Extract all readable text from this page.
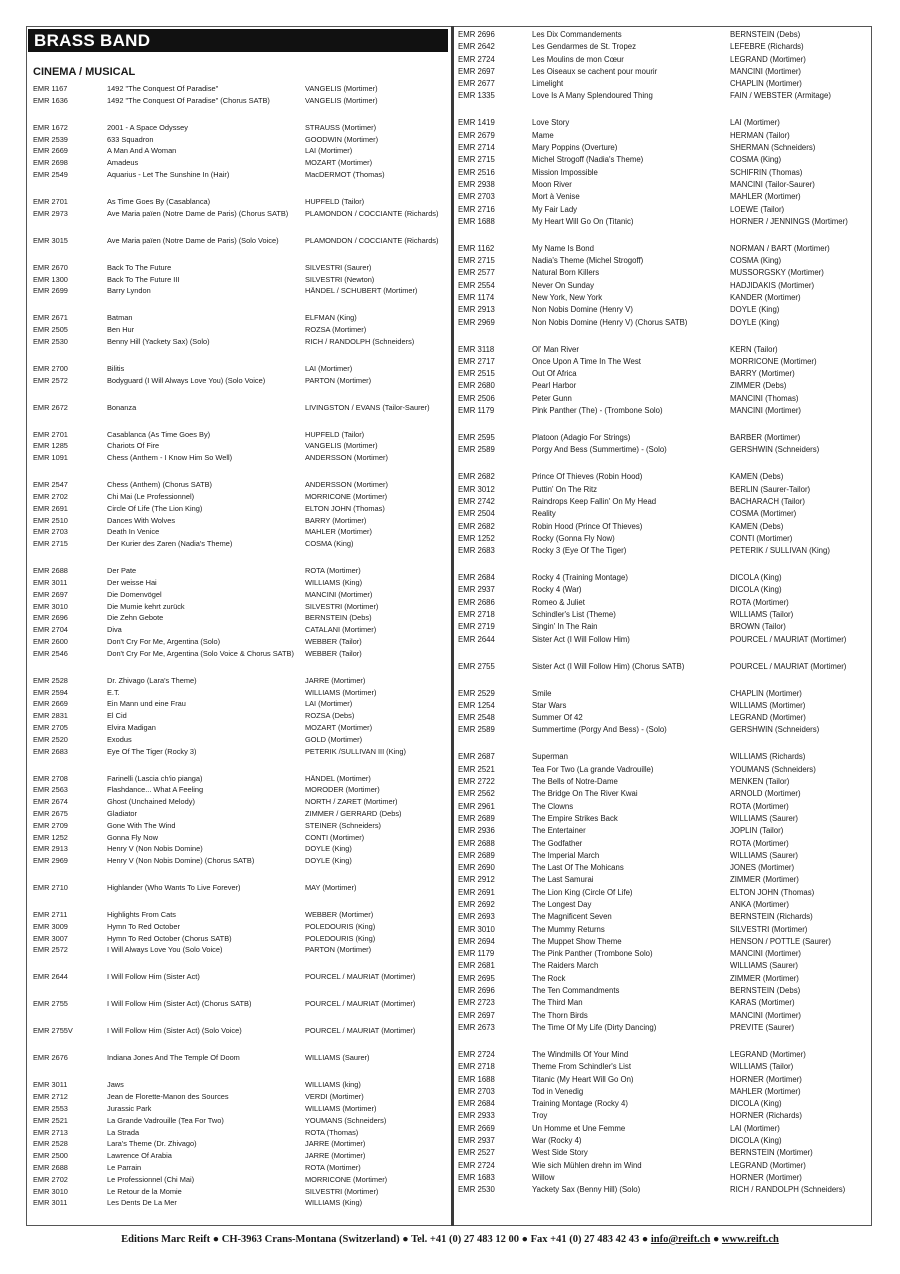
BRASS BAND
CINEMA / MUSICAL
EMR 1167	1492 "The Conquest Of Paradise"	VANGELIS (Mortimer)
EMR 1636	1492 "The Conquest Of Paradise" (Chorus SATB)	VANGELIS (Mortimer)
EMR 1672	2001 - A Space Odyssey	STRAUSS (Mortimer)
EMR 2539	633 Squadron	GOODWIN (Mortimer)
EMR 2669	A Man And A Woman	LAI (Mortimer)
EMR 2698	Amadeus	MOZART (Mortimer)
EMR 2549	Aquarius - Let The Sunshine In (Hair)	MacDERMOT (Thomas)
EMR 2701	As Time Goes By (Casablanca)	HUPFELD (Tailor)
EMR 2973	Ave Maria païen (Notre Dame de Paris) (Chorus SATB)	PLAMONDON / COCCIANTE (Richards)
EMR 3015	Ave Maria païen (Notre Dame de Paris) (Solo Voice)	PLAMONDON / COCCIANTE (Richards)
EMR 2670	Back To The Future	SILVESTRI (Saurer)
EMR 1300	Back To The Future III	SILVESTRI (Newton)
EMR 2699	Barry Lyndon	HÄNDEL / SCHUBERT (Mortimer)
EMR 2671	Batman	ELFMAN (King)
EMR 2505	Ben Hur	ROZSA (Mortimer)
EMR 2530	Benny Hill (Yackety Sax) (Solo)	RICH / RANDOLPH (Schneiders)
EMR 2700	Bilitis	LAI (Mortimer)
EMR 2572	Bodyguard (I Will Always Love You) (Solo Voice)	PARTON (Mortimer)
EMR 2672	Bonanza	LIVINGSTON / EVANS (Tailor-Saurer)
EMR 2701	Casablanca (As Time Goes By)	HUPFELD (Tailor)
EMR 1285	Chariots Of Fire	VANGELIS (Mortimer)
EMR 1091	Chess (Anthem - I Know Him So Well)	ANDERSSON (Mortimer)
EMR 2547	Chess (Anthem) (Chorus SATB)	ANDERSSON (Mortimer)
EMR 2702	Chi Mai (Le Professionnel)	MORRICONE (Mortimer)
EMR 2691	Circle Of Life (The Lion King)	ELTON JOHN (Thomas)
EMR 2510	Dances With Wolves	BARRY (Mortimer)
EMR 2703	Death In Venice	MAHLER (Mortimer)
EMR 2715	Der Kurier des Zaren (Nadia's Theme)	COSMA (King)
EMR 2688	Der Pate	ROTA (Mortimer)
EMR 3011	Der weisse Hai	WILLIAMS (King)
EMR 2697	Die Domenvögel	MANCINI (Mortimer)
EMR 3010	Die Mumie kehrt zurück	SILVESTRI (Mortimer)
EMR 2696	Die Zehn Gebote	BERNSTEIN (Debs)
EMR 2704	Diva	CATALANI (Mortimer)
EMR 2600	Don't Cry For Me, Argentina (Solo)	WEBBER (Tailor)
EMR 2546	Don't Cry For Me, Argentina (Solo Voice & Chorus SATB)	WEBBER (Tailor)
EMR 2528	Dr. Zhivago (Lara's Theme)	JARRE (Mortimer)
EMR 2594	E.T.	WILLIAMS (Mortimer)
EMR 2669	Ein Mann und eine Frau	LAI (Mortimer)
EMR 2831	El Cid	ROZSA (Debs)
EMR 2705	Elvira Madigan	MOZART (Mortimer)
EMR 2520	Exodus	GOLD (Mortimer)
EMR 2683	Eye Of The Tiger (Rocky 3)	PETERIK /SULLIVAN III (King)
EMR 2708	Farinelli (Lascia ch'io pianga)	HÄNDEL (Mortimer)
EMR 2563	Flashdance... What A Feeling	MORODER (Mortimer)
EMR 2674	Ghost (Unchained Melody)	NORTH / ZARET (Mortimer)
EMR 2675	Gladiator	ZIMMER / GERRARD (Debs)
EMR 2709	Gone With The Wind	STEINER (Schneiders)
EMR 1252	Gonna Fly Now	CONTI (Mortimer)
EMR 2913	Henry V (Non Nobis Domine)	DOYLE (King)
EMR 2969	Henry V (Non Nobis Domine) (Chorus SATB)	DOYLE (King)
EMR 2710	Highlander (Who Wants To Live Forever)	MAY (Mortimer)
EMR 2711	Highlights From Cats	WEBBER (Mortimer)
EMR 3009	Hymn To Red October	POLEDOURIS (King)
EMR 3007	Hymn To Red October (Chorus SATB)	POLEDOURIS (King)
EMR 2572	I Will Always Love You (Solo Voice)	PARTON (Mortimer)
EMR 2644	I Will Follow Him (Sister Act)	POURCEL / MAURIAT (Mortimer)
EMR 2755	I Will Follow Him (Sister Act) (Chorus SATB)	POURCEL / MAURIAT (Mortimer)
EMR 2755V	I Will Follow Him (Sister Act) (Solo Voice)	POURCEL / MAURIAT (Mortimer)
EMR 2676	Indiana Jones And The Temple Of Doom	WILLIAMS (Saurer)
EMR 3011	Jaws	WILLIAMS (king)
EMR 2712	Jean de Florette-Manon des Sources	VERDI (Mortimer)
EMR 2553	Jurassic Park	WILLIAMS (Mortimer)
EMR 2521	La Grande Vadrouille (Tea For Two)	YOUMANS (Schneiders)
EMR 2713	La Strada	ROTA (Thomas)
EMR 2528	Lara's Theme (Dr. Zhivago)	JARRE (Mortimer)
EMR 2500	Lawrence Of Arabia	JARRE (Mortimer)
EMR 2688	Le Parrain	ROTA (Mortimer)
EMR 2702	Le Professionnel (Chi Mai)	MORRICONE (Mortimer)
EMR 3010	Le Retour de la Momie	SILVESTRI (Mortimer)
EMR 3011	Les Dents De La Mer	WILLIAMS (King)
EMR 2696	Les Dix Commandements	BERNSTEIN (Debs)
EMR 2642	Les Gendarmes de St. Tropez	LEFEBRE (Richards)
EMR 2724	Les Moulins de mon Cœur	LEGRAND (Mortimer)
EMR 2697	Les Oiseaux se cachent pour mourir	MANCINI (Mortimer)
EMR 2677	Limelight	CHAPLIN (Mortimer)
EMR 1335	Love Is A Many Splendoured Thing	FAIN / WEBSTER (Armitage)
EMR 1419	Love Story	LAI (Mortimer)
EMR 2679	Mame	HERMAN (Tailor)
EMR 2714	Mary Poppins (Overture)	SHERMAN (Schneiders)
EMR 2715	Michel Strogoff (Nadia's Theme)	COSMA (King)
EMR 2516	Mission Impossible	SCHIFRIN (Thomas)
EMR 2938	Moon River	MANCINI (Tailor-Saurer)
EMR 2703	Mort à Venise	MAHLER (Mortimer)
EMR 2716	My Fair Lady	LOEWE (Tailor)
EMR 1688	My Heart Will Go On (Titanic)	HORNER / JENNINGS (Mortimer)
EMR 1162	My Name Is Bond	NORMAN / BART (Mortimer)
EMR 2715	Nadia's Theme (Michel Strogoff)	COSMA (King)
EMR 2577	Natural Born Killers	MUSSORGSKY (Mortimer)
EMR 2554	Never On Sunday	HADJIDAKIS (Mortimer)
EMR 1174	New York, New York	KANDER (Mortimer)
EMR 2913	Non Nobis Domine (Henry V)	DOYLE (King)
EMR 2969	Non Nobis Domine (Henry V) (Chorus SATB)	DOYLE (King)
EMR 3118	Ol' Man River	KERN (Tailor)
EMR 2717	Once Upon A Time In The West	MORRICONE (Mortimer)
EMR 2515	Out Of Africa	BARRY (Mortimer)
EMR 2680	Pearl Harbor	ZIMMER (Debs)
EMR 2506	Peter Gunn	MANCINI (Thomas)
EMR 1179	Pink Panther (The) - (Trombone Solo)	MANCINI (Mortimer)
EMR 2595	Platoon (Adagio For Strings)	BARBER (Mortimer)
EMR 2589	Porgy And Bess (Summertime) - (Solo)	GERSHWIN (Schneiders)
EMR 2682	Prince Of Thieves (Robin Hood)	KAMEN (Debs)
EMR 3012	Puttin' On The Ritz	BERLIN (Saurer-Tailor)
EMR 2742	Raindrops Keep Fallin' On My Head	BACHARACH (Tailor)
EMR 2504	Reality	COSMA (Mortimer)
EMR 2682	Robin Hood (Prince Of Thieves)	KAMEN (Debs)
EMR 1252	Rocky (Gonna Fly Now)	CONTI (Mortimer)
EMR 2683	Rocky 3 (Eye Of The Tiger)	PETERIK / SULLIVAN (King)
EMR 2684	Rocky 4 (Training Montage)	DICOLA (King)
EMR 2937	Rocky 4 (War)	DICOLA (King)
EMR 2686	Romeo & Juliet	ROTA (Mortimer)
EMR 2718	Schindler's List (Theme)	WILLIAMS (Tailor)
EMR 2719	Singin' In The Rain	BROWN (Tailor)
EMR 2644	Sister Act (I Will Follow Him)	POURCEL / MAURIAT (Mortimer)
EMR 2755	Sister Act (I Will Follow Him) (Chorus SATB)	POURCEL / MAURIAT (Mortimer)
EMR 2529	Smile	CHAPLIN (Mortimer)
EMR 1254	Star Wars	WILLIAMS (Mortimer)
EMR 2548	Summer Of 42	LEGRAND (Mortimer)
EMR 2589	Summertime (Porgy And Bess) - (Solo)	GERSHWIN (Schneiders)
EMR 2687	Superman	WILLIAMS (Richards)
EMR 2521	Tea For Two (La grande Vadrouille)	YOUMANS (Schneiders)
EMR 2722	The Bells of Notre-Dame	MENKEN (Tailor)
EMR 2562	The Bridge On The River Kwai	ARNOLD (Mortimer)
EMR 2961	The Clowns	ROTA (Mortimer)
EMR 2689	The Empire Strikes Back	WILLIAMS (Saurer)
EMR 2936	The Entertainer	JOPLIN (Tailor)
EMR 2688	The Godfather	ROTA (Mortimer)
EMR 2689	The Imperial March	WILLIAMS (Saurer)
EMR 2690	The Last Of The Mohicans	JONES (Mortimer)
EMR 2912	The Last Samurai	ZIMMER (Mortimer)
EMR 2691	The Lion King (Circle Of Life)	ELTON JOHN (Thomas)
EMR 2692	The Longest Day	ANKA (Mortimer)
EMR 2693	The Magnificent Seven	BERNSTEIN (Richards)
EMR 3010	The Mummy Returns	SILVESTRI (Mortimer)
EMR 2694	The Muppet Show Theme	HENSON / POTTLE (Saurer)
EMR 1179	The Pink Panther (Trombone Solo)	MANCINI (Mortimer)
EMR 2681	The Raiders March	WILLIAMS (Saurer)
EMR 2695	The Rock	ZIMMER (Mortimer)
EMR 2696	The Ten Commandments	BERNSTEIN (Debs)
EMR 2723	The Third Man	KARAS (Mortimer)
EMR 2697	The Thorn Birds	MANCINI (Mortimer)
EMR 2673	The Time Of My Life (Dirty Dancing)	PREVITE (Saurer)
EMR 2724	The Windmills Of Your Mind	LEGRAND (Mortimer)
EMR 2718	Theme From Schindler's List	WILLIAMS (Tailor)
EMR 1688	Titanic (My Heart Will Go On)	HORNER (Mortimer)
EMR 2703	Tod in Venedig	MAHLER (Mortimer)
EMR 2684	Training Montage (Rocky 4)	DICOLA (King)
EMR 2933	Troy	HORNER (Richards)
EMR 2669	Un Homme et Une Femme	LAI (Mortimer)
EMR 2937	War (Rocky 4)	DICOLA (King)
EMR 2527	West Side Story	BERNSTEIN (Mortimer)
EMR 2724	Wie sich Mühlen drehn im Wind	LEGRAND (Mortimer)
EMR 1683	Willow	HORNER (Mortimer)
EMR 2530	Yackety Sax (Benny Hill) (Solo)	RICH / RANDOLPH (Schneiders)
Editions Marc Reift ● CH-3963 Crans-Montana (Switzerland) ● Tel. +41 (0) 27 483 12 00 ● Fax +41 (0) 27 483 42 43 ● info@reift.ch ● www.reift.ch
